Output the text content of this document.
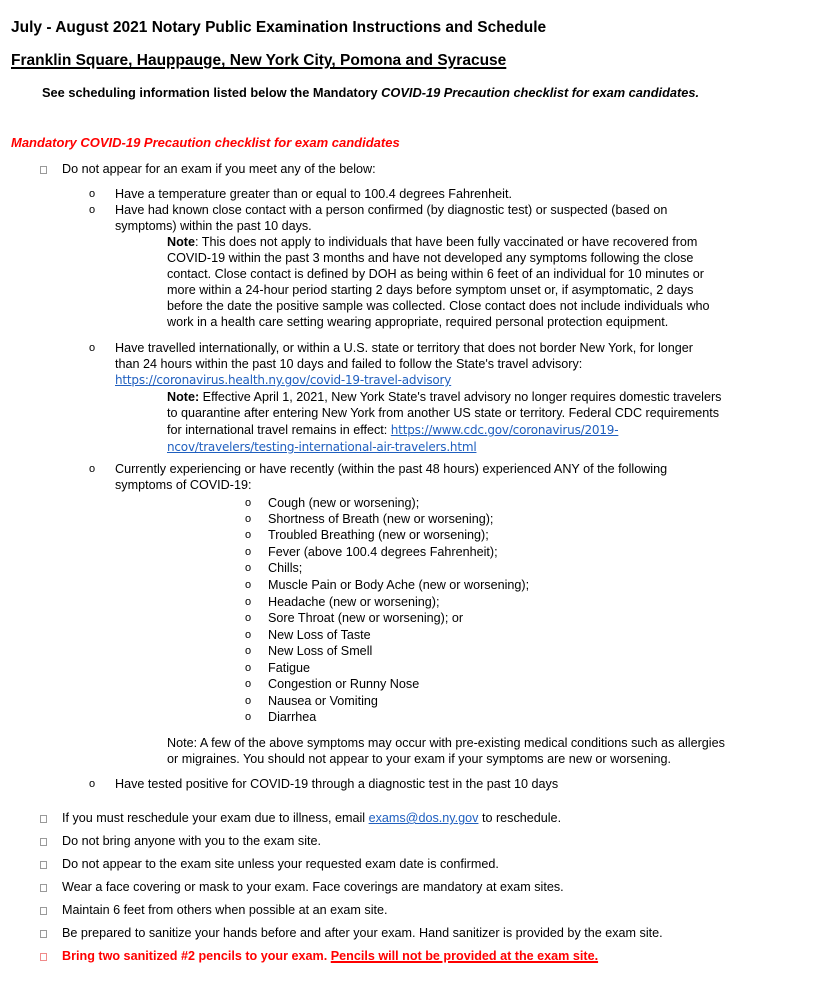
July - August 2021 Notary Public Examination Instructions and Schedule
Franklin Square, Hauppauge, New York City, Pomona and Syracuse
See scheduling information listed below the Mandatory COVID-19 Precaution checklist for exam candidates.
Mandatory COVID-19 Precaution checklist for exam candidates
Do not appear for an exam if you meet any of the below:
o Have a temperature greater than or equal to 100.4 degrees Fahrenheit.
o Have had known close contact with a person confirmed (by diagnostic test) or suspected (based on
symptoms) within the past 10 days.
Note: This does not apply to individuals that have been fully vaccinated or have recovered from
COVID-19 within the past 3 months and have not developed any symptoms following the close
contact. Close contact is defined by DOH as being within 6 feet of an individual for 10 minutes or
more within a 24-hour period starting 2 days before symptom unset or, if asymptomatic, 2 days
before the date the positive sample was collected. Close contact does not include individuals who
work in a health care setting wearing appropriate, required personal protection equipment.
o Have travelled internationally, or within a U.S. state or territory that does not border New York, for longer
than 24 hours within the past 10 days and failed to follow the State's travel advisory:
https://coronavirus.health.ny.gov/covid-19-travel-advisory
Note: Effective April 1, 2021, New York State's travel advisory no longer requires domestic travelers
to quarantine after entering New York from another US state or territory. Federal CDC requirements
for international travel remains in effect: https://www.cdc.gov/coronavirus/2019-
ncov/travelers/testing-international-air-travelers.html
o Currently experiencing or have recently (within the past 48 hours) experienced ANY of the following
symptoms of COVID-19:
o Cough (new or worsening);
o Shortness of Breath (new or worsening);
o Troubled Breathing (new or worsening);
o Fever (above 100.4 degrees Fahrenheit);
o Chills;
o Muscle Pain or Body Ache (new or worsening);
o Headache (new or worsening);
o Sore Throat (new or worsening); or
o New Loss of Taste
o New Loss of Smell
o Fatigue
o Congestion or Runny Nose
o Nausea or Vomiting
o Diarrhea
Note: A few of the above symptoms may occur with pre-existing medical conditions such as allergies
or migraines. You should not appear to your exam if your symptoms are new or worsening.
o Have tested positive for COVID-19 through a diagnostic test in the past 10 days
If you must reschedule your exam due to illness, email exams@dos.ny.gov to reschedule.
Do not bring anyone with you to the exam site.
Do not appear to the exam site unless your requested exam date is confirmed.
Wear a face covering or mask to your exam. Face coverings are mandatory at exam sites.
Maintain 6 feet from others when possible at an exam site.
Be prepared to sanitize your hands before and after your exam. Hand sanitizer is provided by the exam site.
Bring two sanitized #2 pencils to your exam. Pencils will not be provided at the exam site.
